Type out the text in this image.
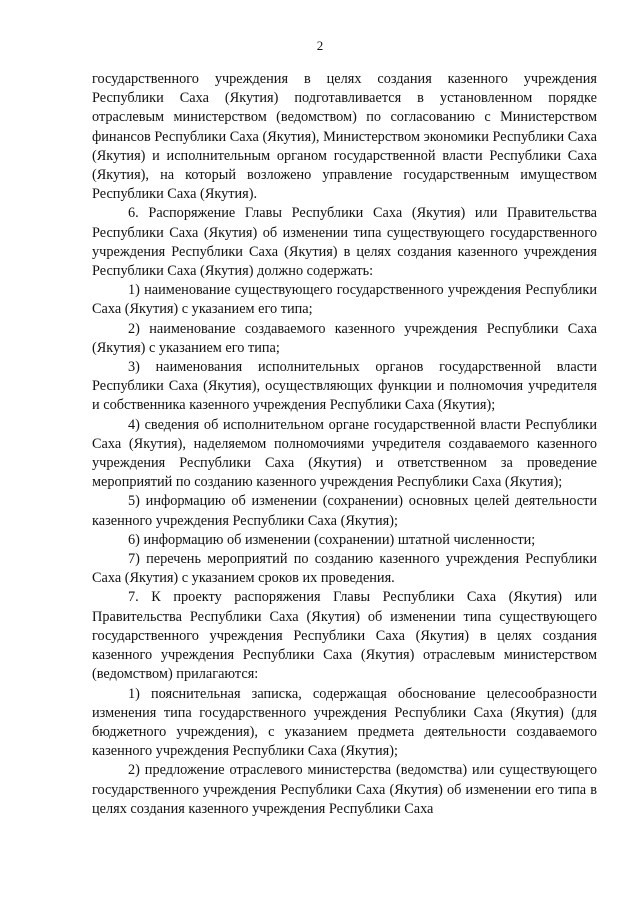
2

государственного учреждения в целях создания казенного учреждения Республики Саха (Якутия) подготавливается в установленном порядке отраслевым министерством (ведомством) по согласованию с Министерством финансов Республики Саха (Якутия), Министерством экономики Республики Саха (Якутия) и исполнительным органом государственной власти Республики Саха (Якутия), на который возложено управление государственным имуществом Республики Саха (Якутия).

6. Распоряжение Главы Республики Саха (Якутия) или Правительства Республики Саха (Якутия) об изменении типа существующего государственного учреждения Республики Саха (Якутия) в целях создания казенного учреждения Республики Саха (Якутия) должно содержать:

1) наименование существующего государственного учреждения Республики Саха (Якутия) с указанием его типа;

2) наименование создаваемого казенного учреждения Республики Саха (Якутия) с указанием его типа;

3) наименования исполнительных органов государственной власти Республики Саха (Якутия), осуществляющих функции и полномочия учредителя и собственника казенного учреждения Республики Саха (Якутия);

4) сведения об исполнительном органе государственной власти Республики Саха (Якутия), наделяемом полномочиями учредителя создаваемого казенного учреждения Республики Саха (Якутия) и ответственном за проведение мероприятий по созданию казенного учреждения Республики Саха (Якутия);

5) информацию об изменении (сохранении) основных целей деятельности казенного учреждения Республики Саха (Якутия);

6) информацию об изменении (сохранении) штатной численности;

7) перечень мероприятий по созданию казенного учреждения Республики Саха (Якутия) с указанием сроков их проведения.

7. К проекту распоряжения Главы Республики Саха (Якутия) или Правительства Республики Саха (Якутия) об изменении типа существующего государственного учреждения Республики Саха (Якутия) в целях создания казенного учреждения Республики Саха (Якутия) отраслевым министерством (ведомством) прилагаются:

1) пояснительная записка, содержащая обоснование целесообразности изменения типа государственного учреждения Республики Саха (Якутия) (для бюджетного учреждения), с указанием предмета деятельности создаваемого казенного учреждения Республики Саха (Якутия);

2) предложение отраслевого министерства (ведомства) или существующего государственного учреждения Республики Саха (Якутия) об изменении его типа в целях создания казенного учреждения Республики Саха
